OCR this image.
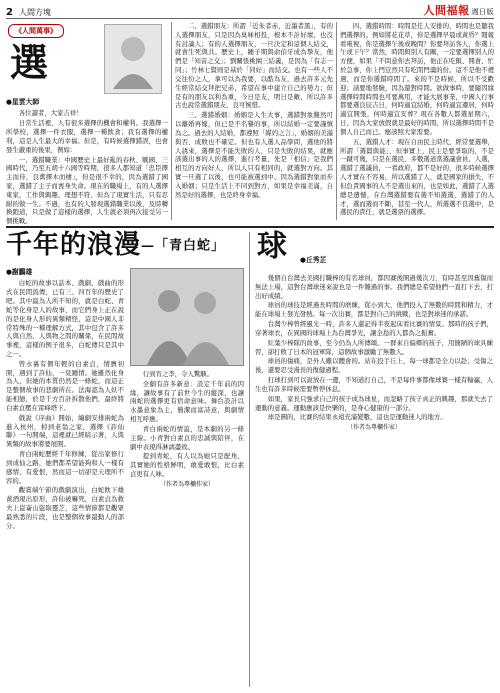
2 人間方塊	人間福報 週日版
《人間萬事》
選
●星雲大師

各位讀者，大家吉祥！

日常生活裡，人有很多選擇的機會和權利。我選擇一所學校，選擇一件衣服，選擇一種飲食；我有選擇的權利，這是人生最大的幸福。但是，有時候選擇錯誤，也會發生嚴重的後果，例如：

一、選錯職業：中國歷史上最好亂的春秋、戰國、三國時代，乃至五胡十六國等時期，很多人都知道「忠臣擇主而侍，良禽擇木而棲」，但是很不幸的，因為選錯了國家，選錯了主子而喪身失命。現在的職場上，有的人選擇東家，工作與興趣、理想不符，但為了現實生活，只有忍耐的做一生。不過，也有的人發現選錯職業以後，及時轉換跑道，只是做了這樣的選擇，人生就必須再次接受另一個挑戰。

二、選錯朋友：所謂「近朱者赤，近墨者黑」，有的人選擇朋友，只是因為臭味相投，根本不計好壞，也沒有討論人；有的人選擇朋友，一旦決定和這個人結交，就會生死與共。歷史上，鍾子期與俞伯牙成為摯友，他們是「知音之交」；劉關張桃園三結義，是因為「有志一同」；竹林七賢則是基於「同好」而結交。也有一些人不交往份之人，拿可以為我要，以酷為友，過去許多元先生經常結交拜把兄弟，希望在事中建立自己的勢力；但是有的朋友以利為重，今日是友，明日是敵，所以許多古也說常選錯朋友，良可惋惜。

三、選錯婚姻：婚姻是人生大事，選錯對象難然可以離婚再嫁，但已是不名譽的事，所以結婚一定要謹慎為之。過去的人結婚，都遵照「媒妁之言」，婚姻的美滿與否，成敗也不確定。但也有人選人品學問，選他的將人誘來，選擇是不能失敗的人，只是失敗的結果，就應該選出事的人的選擇，進行考量，先是「相信」是我們相互的方向好人，所以人只有相同的，就選對方向。其實一旦選了以後，也可能被選到中、因為選錯對象而步入婚姻；只是生活上不同到對方，如果是幸福美滿，自然是好的選擇，也是終身幸福。

四、選錯時間：時間是任人安排的，時間也是聽我們選擇的。例如將花花草，你是選擇早晨或黃昏？閱報看電視，你是選擇午後或晚間？你要拜訪客人，你選上午或下午？當然，時間與別人有關，一定要選擇別人的方便，如果「不問意你去拜訪，他正在吃飯、開會、忙於急事，你上門豈然只有吃閉門羹的份。這不是他不禮遇，而是你選錯時間了。來的不是時候，所以不受歡迎；請要地發臉，因為還對時間。欲做事時，要隨因緣選擇時間時間也可要萬用，才能大展事業，中國人行事都要選良辰吉日，何時適宜結婚，何時適宜遷居，何時適宜開張，何時適宜安葬？現在各數人都選星期六，日，因為大家放假就是最好的時間，所以選擇時間不是個人自己而已。應該照大家需要。

五、選錯人才：現在自由民主時代，經常要選舉，所謂「選賢與能」，但事實上，民主是要爭取的，不是一蹴可幾，只是在選民，多數選道當選議會員，人選，選錯了選議員，一看政府，都不是好的，很多時候選擇人才實在不容易，所以選錯了人，就是國家的損失，不但負責國事的人不是選出來的，也是如此，選錯了人選總是遺憾，在台灣選錯要有選不知選選，選錯了的人才，選而選而不斷，甚至一代人，所選選不良選中，是選民的責任，就是選票的選擇。

千年的浪漫—「青白蛇」
●謝鵬雄

白蛇的故事以話本、戲劇、戲曲的形式在民間流傳，已有三、四百年的歷史了吧。其中最為人所不知的，就是白蛇、青蛇等化身是人的故事，而它們身上正在說的是化身人形的異類精怪，這是中國人非常特殊的一種理解方式，其中包含了許多人與自然、人與物之間的關係，在民間故事裡，這樣的例子很多，白蛇傳只是其中之一。

曾水裏有個年輕的白素貞，情竇初開，遇到了許仙，一見鍾情。她雖然化身為人，但她的本質仍然是一條蛇，而這正是整個故事的悲劇所在。法海認為人妖不能相戀，於是千方百計拆散他們，最終將白素貞壓在雷峰塔下。

戲說《序曲》開始，編劇安排兩蛇為進入杭州，掉到老翁之家，選擇《許仙聯》一句開端，這裡就已經暗示著，人與異類的故事將要展開。

青白兩蛇歷經千年修練，從出家修行到成仙之路，她們都希望能夠和人一樣有感情、有愛恨，然而這一切卻是天理所不容的。

觀賞端午節的戲劇演出，白蛇飲下雄黃酒現出原形，許仙被嚇死，白素貞為救夫上崑崙山盜取靈芝，這些情節都是觀眾最熟悉的片段，也是整個故事最動人的部分。

行到宵之李，令人驚駭。

全劇有許多新意：設定千年前的因緣，讓故事有了前世今生的縱深，也讓兩蛇的選擇更有宿命意味。舞台設計以水墨意象為主，簡潔而富詩意，與劇情相互呼應。

青白兩蛇的情誼，是本劇的另一條主線。小青對白素貞的忠誠與陪伴，在劇中表現得淋漓盡致。

提到青蛇，有人以為她只是配角，其實她的性格鮮明，敢愛敢恨，比白素貞更有人味。

（作者為專欄作家）
球 ●丘秀芷

幾個自台灣去美國打職棒的有名球員，都因賽後開過幾次刀，有時甚至因舊傷而無法上場，這對台灣球迷來說也是一件難過的事。我們總是希望他們一直打下去，打出好成績。

球員的球技是經過長時間的磨練，從小到大，他們投入了無數的時間和精力，才能在球場上發光發熱。每一次出賽，都是對自己的挑戰，也是對球迷的承諾。

台灣少棒曾經風光一時，許多人還記得半夜起床看比賽的情景。那時的孩子們，穿著球衣，在異國的球場上為台灣爭光，讓全島的人都為之振奮。

紅葉少棒隊的故事，至今仍為人所傳頌。一群來自偏鄉的孩子，用簡陋的球具練習，卻打敗了日本的冠軍隊，這個故事激勵了無數人。

球員的傷痛，是外人難以體會的。站在投手丘上，每一球都是全力以赴；受傷之後，還要忍受漫長的復健過程。

打球打到可以說放在一邊，不知道打自己，不是每件事都像球賽一樣有輸贏，人生也有許多時候需要暫停休息。

如果，家長只強求自己的孩子成為球星，而忽略了孩子真正的興趣，那就失去了運動的意義。運動應該是快樂的，是身心健康的一部分。

球是圓的，比賽的結果永遠充滿變數，這也是運動迷人的地方。

（作者為專欄作家）
